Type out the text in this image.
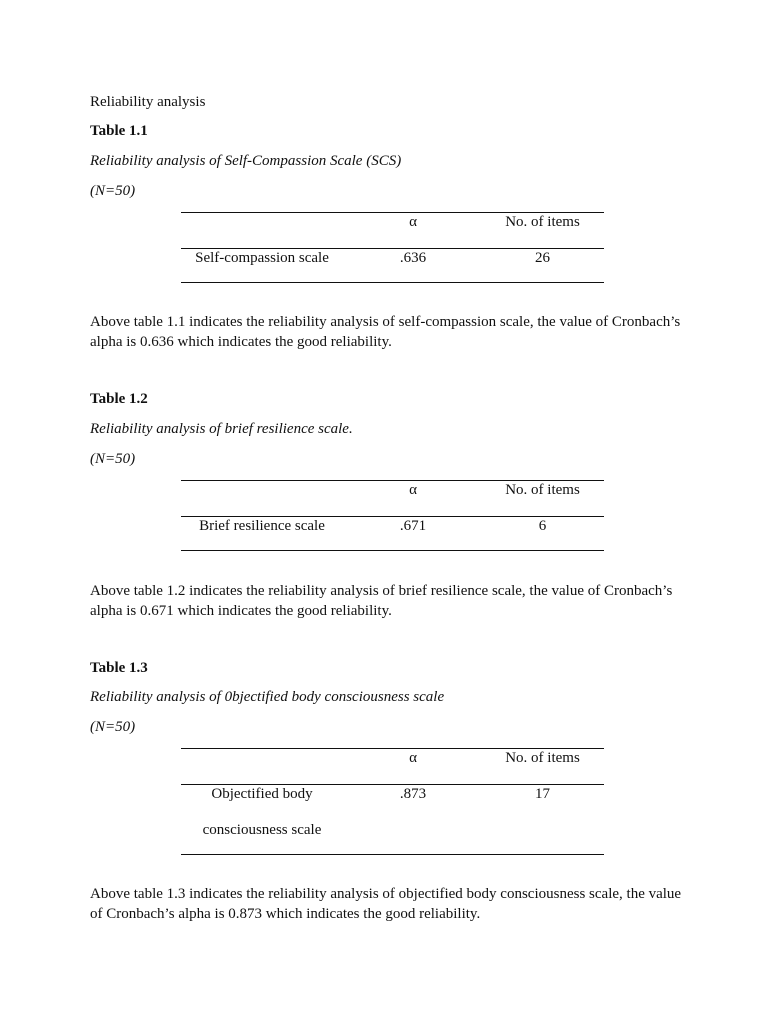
Reliability analysis

Table 1.1

Reliability analysis of Self-Compassion Scale (SCS)

(N=50)

α	No. of items
Self-compassion scale	.636	26

Above table 1.1 indicates the reliability analysis of self-compassion scale, the value of Cronbach’s alpha is 0.636 which indicates the good reliability.

Table 1.2

Reliability analysis of brief resilience scale.

(N=50)

α	No. of items
Brief resilience scale	.671	6

Above table 1.2 indicates the reliability analysis of brief resilience scale, the value of Cronbach’s alpha is 0.671 which indicates the good reliability.

Table 1.3

Reliability analysis of 0bjectified body consciousness scale

(N=50)

α	No. of items
Objectified body
consciousness scale
.873	17

Above table 1.3 indicates the reliability analysis of objectified body consciousness scale, the value of Cronbach’s alpha is 0.873 which indicates the good reliability.
